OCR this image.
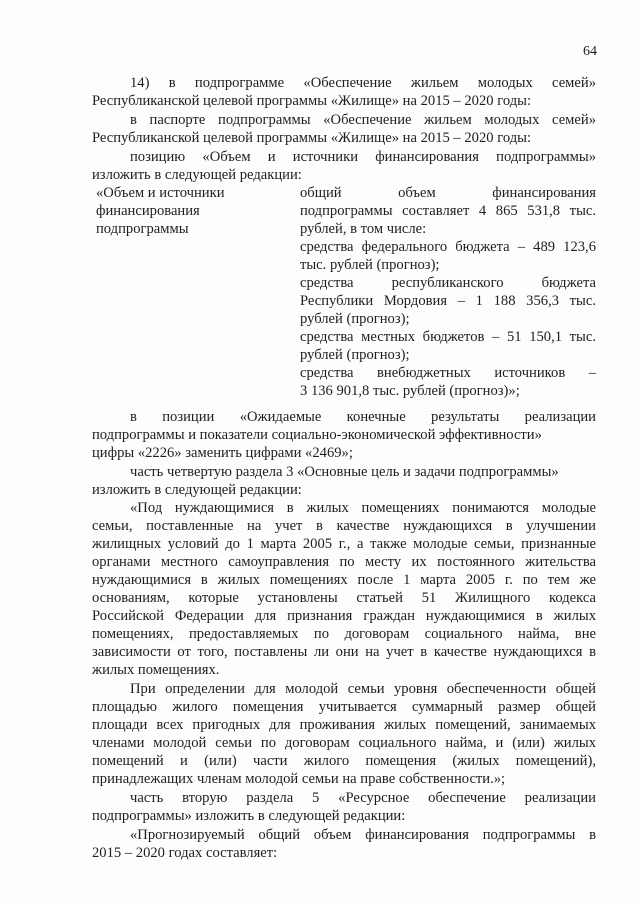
64
14) в подпрограмме «Обеспечение жильем молодых семей»
Республиканской целевой программы «Жилище» на 2015 – 2020 годы:
в паспорте подпрограммы «Обеспечение жильем молодых семей»
Республиканской целевой программы «Жилище» на 2015 – 2020 годы:
позицию «Объем и источники финансирования подпрограммы»
изложить в следующей редакции:
«Объем и источники
финансирования
подпрограммы
общий объем финансирования
подпрограммы составляет 4 865 531,8 тыс.
рублей, в том числе:
средства федерального бюджета – 489 123,6
тыс. рублей (прогноз);
средства республиканского бюджета
Республики Мордовия – 1 188 356,3 тыс.
рублей (прогноз);
средства местных бюджетов – 51 150,1 тыс.
рублей (прогноз);
средства внебюджетных источников –
3 136 901,8 тыс. рублей (прогноз)»;
в позиции «Ожидаемые конечные результаты реализации
подпрограммы и показатели социально-экономической эффективности»
цифры «2226» заменить цифрами «2469»;
часть четвертую раздела 3 «Основные цель и задачи подпрограммы»
изложить в следующей редакции:
«Под нуждающимися в жилых помещениях понимаются молодые
семьи, поставленные на учет в качестве нуждающихся в улучшении
жилищных условий до 1 марта 2005 г., а также молодые семьи, признанные
органами местного самоуправления по месту их постоянного жительства
нуждающимися в жилых помещениях после 1 марта 2005 г. по тем же
основаниям, которые установлены статьей 51 Жилищного кодекса
Российской Федерации для признания граждан нуждающимися в жилых
помещениях, предоставляемых по договорам социального найма, вне
зависимости от того, поставлены ли они на учет в качестве нуждающихся в
жилых помещениях.
При определении для молодой семьи уровня обеспеченности общей
площадью жилого помещения учитывается суммарный размер общей
площади всех пригодных для проживания жилых помещений, занимаемых
членами молодой семьи по договорам социального найма, и (или) жилых
помещений и (или) части жилого помещения (жилых помещений),
принадлежащих членам молодой семьи на праве собственности.»;
часть вторую раздела 5 «Ресурсное обеспечение реализации
подпрограммы» изложить в следующей редакции:
«Прогнозируемый общий объем финансирования подпрограммы в
2015 – 2020 годах составляет:
